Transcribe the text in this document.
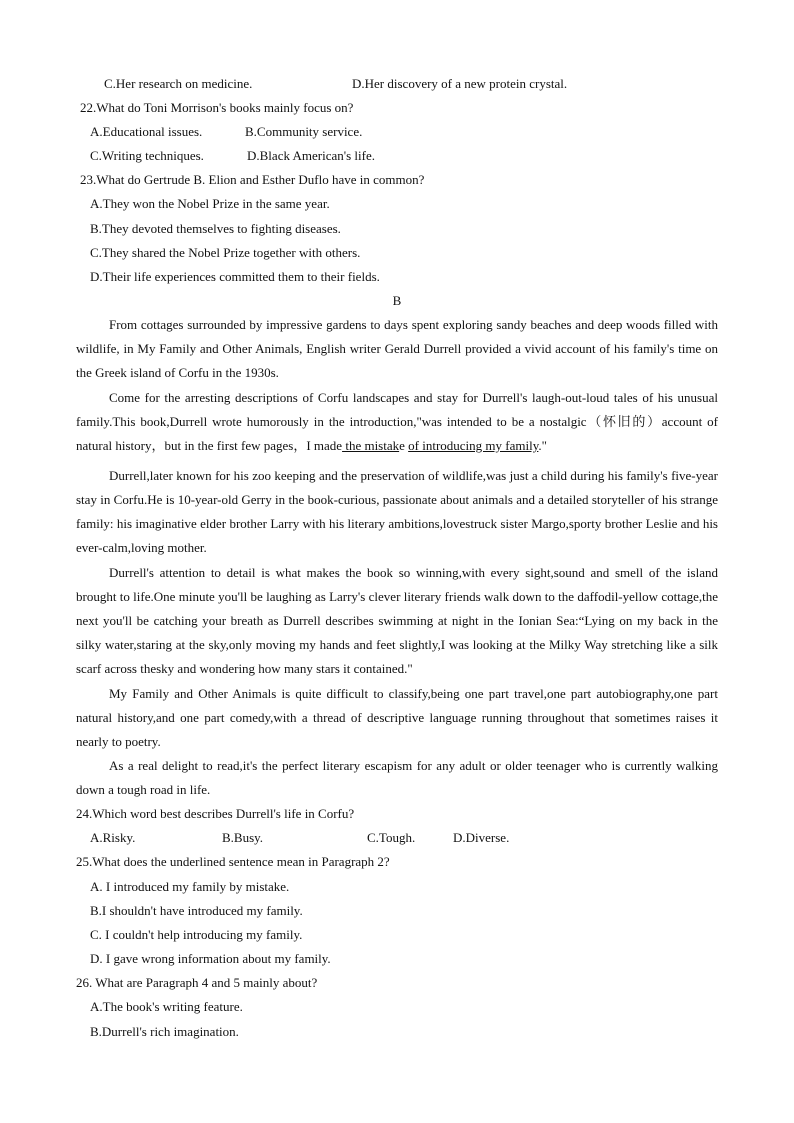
C.Her research on medicine.	D.Her discovery of a new protein crystal.
22.What do Toni Morrison's books mainly focus on?
A.Educational issues.	B.Community service.
C.Writing techniques.	D.Black American's life.
23.What do Gertrude B. Elion and Esther Duflo have in common?
A.They won the Nobel Prize in the same year.
B.They devoted themselves to fighting diseases.
C.They shared the Nobel Prize together with others.
D.Their life experiences committed them to their fields.
B
From cottages surrounded by impressive gardens to days spent exploring sandy beaches and deep woods filled with wildlife, in My Family and Other Animals, English writer Gerald Durrell provided a vivid account of his family's time on the Greek island of Corfu in the 1930s.
Come for the arresting descriptions of Corfu landscapes and stay for Durrell's laugh-out-loud tales of his unusual family.This book,Durrell wrote humorously in the introduction,"was intended to be a nostalgic（怀旧的）account of natural history，but in the first few pages，I made the mistake of introducing my family."
Durrell,later known for his zoo keeping and the preservation of wildlife,was just a child during his family's five-year stay in Corfu.He is 10-year-old Gerry in the book-curious, passionate about animals and a detailed storyteller of his strange family: his imaginative elder brother Larry with his literary ambitions,lovestruck sister Margo,sporty brother Leslie and his ever-calm,loving mother.
Durrell's attention to detail is what makes the book so winning,with every sight,sound and smell of the island brought to life.One minute you'll be laughing as Larry's clever literary friends walk down to the daffodil-yellow cottage,the next you'll be catching your breath as Durrell describes swimming at night in the Ionian Sea:“Lying on my back in the silky water,staring at the sky,only moving my hands and feet slightly,I was looking at the Milky Way stretching like a silk scarf across thesky and wondering how many stars it contained."
My Family and Other Animals is quite difficult to classify,being one part travel,one part autobiography,one part natural history,and one part comedy,with a thread of descriptive language running throughout that sometimes raises it nearly to poetry.
As a real delight to read,it's the perfect literary escapism for any adult or older teenager who is currently walking down a tough road in life.
24.Which word best describes Durrell's life in Corfu?
A.Risky.	B.Busy.	C.Tough.	D.Diverse.
25.What does the underlined sentence mean in Paragraph 2?
A. I introduced my family by mistake.
B.I shouldn't have introduced my family.
C. I couldn't help introducing my family.
D. I gave wrong information about my family.
26. What are Paragraph 4 and 5 mainly about?
A.The book's writing feature.
B.Durrell's rich imagination.
